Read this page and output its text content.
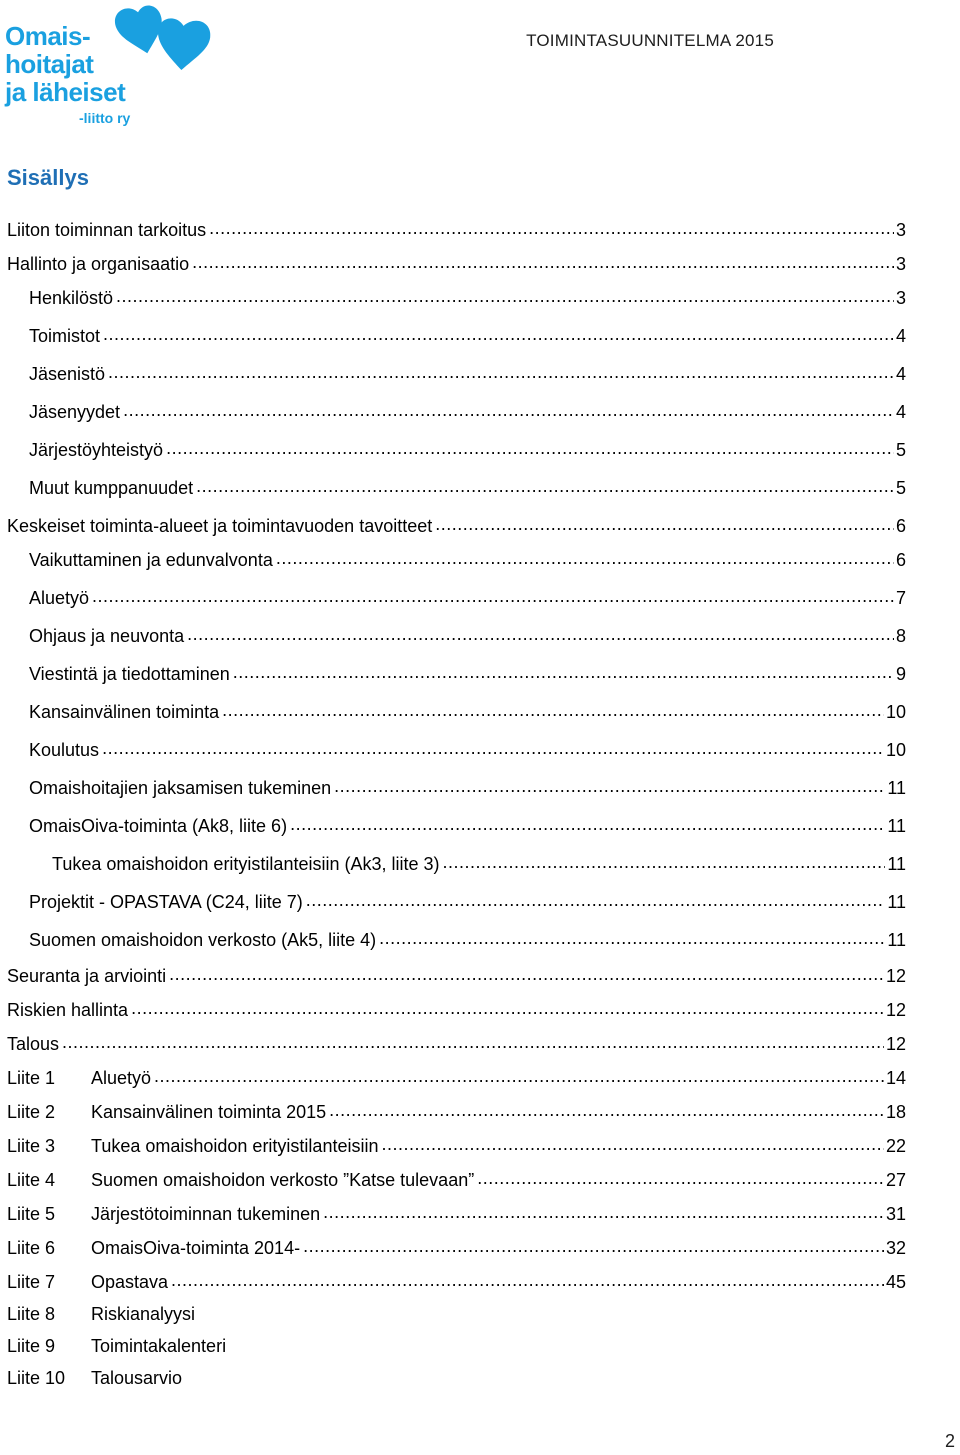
Omais-
hoitajat
ja läheiset
-liitto ry
TOIMINTASUUNNITELMA 2015
Sisällys
Liiton toiminnan tarkoitus .....	3
Hallinto ja organisaatio .....	3
Henkilöstö .....	3
Toimistot .....	4
Jäsenistö .....	4
Jäsenyydet .....	4
Järjestöyhteistyö .....	5
Muut kumppanuudet .....	5
Keskeiset toiminta-alueet ja toimintavuoden tavoitteet .....	6
Vaikuttaminen ja edunvalvonta .....	6
Aluetyö .....	7
Ohjaus ja neuvonta .....	8
Viestintä ja tiedottaminen .....	9
Kansainvälinen toiminta .....	10
Koulutus .....	10
Omaishoitajien jaksamisen tukeminen .....	11
OmaisOiva-toiminta (Ak8, liite 6) .....	11
Tukea omaishoidon erityistilanteisiin (Ak3, liite 3) .....	11
Projektit - OPASTAVA (C24, liite 7) .....	11
Suomen omaishoidon verkosto (Ak5, liite 4) .....	11
Seuranta ja arviointi .....	12
Riskien hallinta .....	12
Talous .....	12
Liite 1	Aluetyö .....	14
Liite 2	Kansainvälinen toiminta 2015 .....	18
Liite 3	Tukea omaishoidon erityistilanteisiin .....	22
Liite 4	Suomen omaishoidon verkosto ”Katse tulevaan” .....	27
Liite 5	Järjestötoiminnan tukeminen .....	31
Liite 6	OmaisOiva-toiminta 2014- .....	32
Liite 7	Opastava .....	45
Liite 8	Riskianalyysi
Liite 9	Toimintakalenteri
Liite 10	Talousarvio
2
